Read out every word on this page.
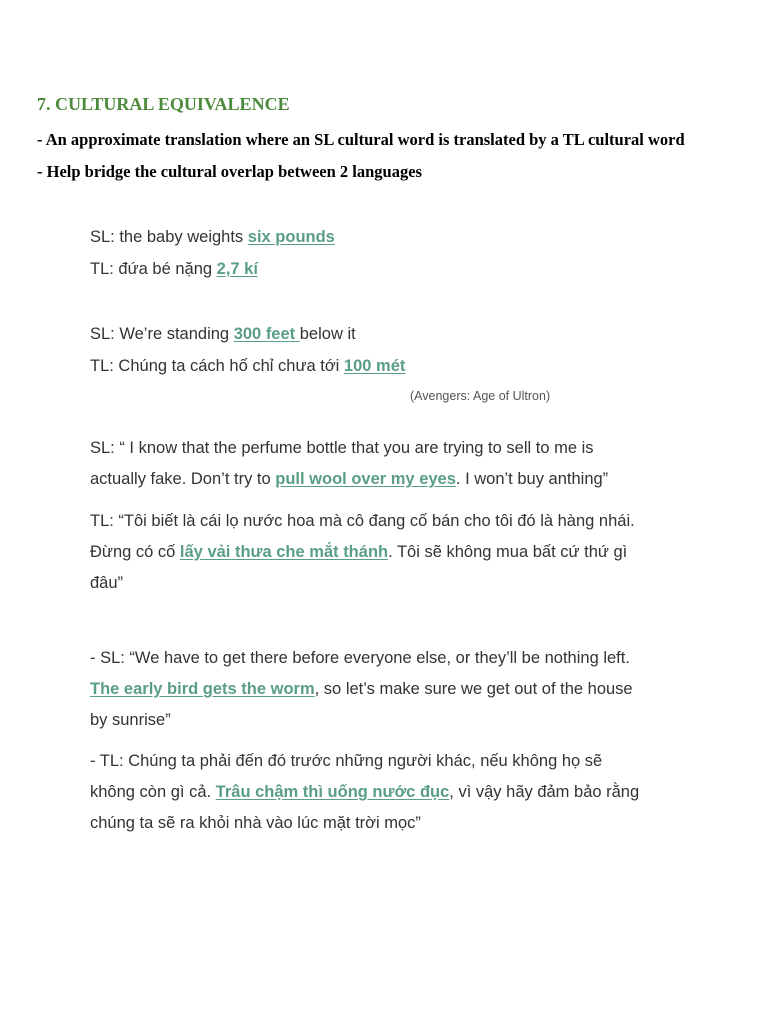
7. CULTURAL EQUIVALENCE

- An approximate translation where an SL cultural word is translated by a TL cultural word

- Help bridge the cultural overlap between 2 languages

SL: the baby weights six pounds

TL: đứa bé nặng 2,7 kí

SL: We’re standing 300 feet below it

TL: Chúng ta cách hố chỉ chưa tới 100 mét

(Avengers: Age of Ultron)

SL: “ I know that the perfume bottle that you are trying to sell to me is

actually fake. Don’t try to pull wool over my eyes. I won’t buy anthing”

TL: “Tôi biết là cái lọ nước hoa mà cô đang cố bán cho tôi đó là hàng nhái.

Đừng có cố lấy vải thưa che mắt thánh. Tôi sẽ không mua bất cứ thứ gì

đâu”

- SL: “We have to get there before everyone else, or they’ll be nothing left.

The early bird gets the worm, so let’s make sure we get out of the house

by sunrise”

- TL: Chúng ta phải đến đó trước những người khác, nếu không họ sẽ

không còn gì cả. Trâu chậm thì uống nước đục, vì vậy hãy đảm bảo rằng

chúng ta sẽ ra khỏi nhà vào lúc mặt trời mọc”
